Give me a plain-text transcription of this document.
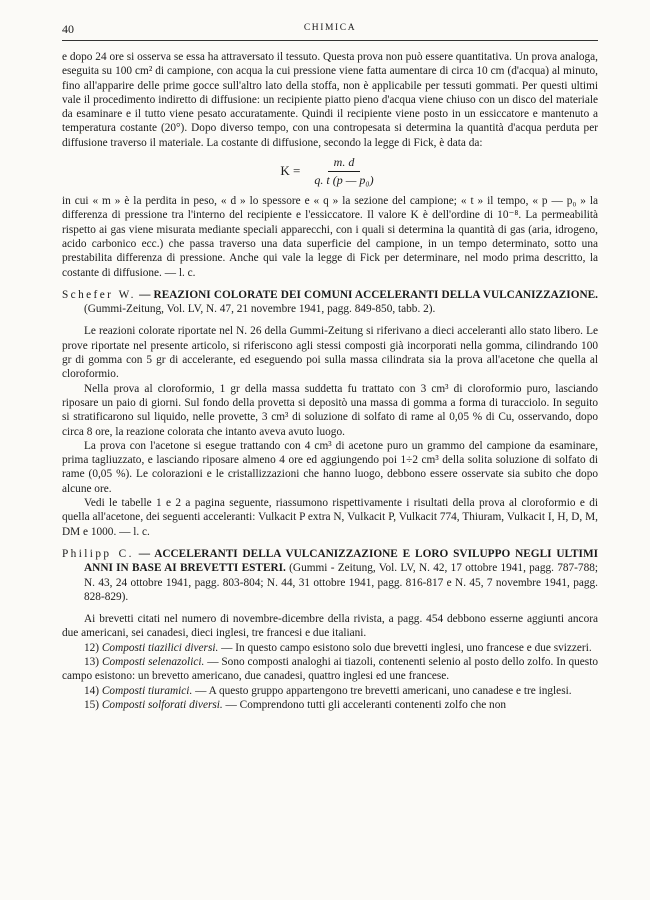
40	CHIMICA

e dopo 24 ore si osserva se essa ha attraversato il tessuto. Questa prova non può essere quantitativa. Un prova analoga, eseguita su 100 cm² di campione, con acqua la cui pressione viene fatta aumentare di circa 10 cm (d'acqua) al minuto, fino all'apparire delle prime gocce sull'altro lato della stoffa, non è applicabile per tessuti gommati. Per questi ultimi vale il procedimento indiretto di diffusione: un recipiente piatto pieno d'acqua viene chiuso con un disco del materiale da esaminare e il tutto viene pesato accuratamente. Quindi il recipiente viene posto in un essiccatore e mantenuto a temperatura costante (20°). Dopo diverso tempo, con una contropesata si determina la quantità d'acqua perduta per diffusione traverso il materiale. La costante di diffusione, secondo la legge di Fick, è data da:

$K = \frac{m. d}{\text{q. t (p — p₀)}}$

in cui « m » è la perdita in peso, « d » lo spessore e « q » la sezione del campione; « t » il tempo, « p — p₀ » la differenza di pressione tra l'interno del recipiente e l'essiccatore. Il valore K è dell'ordine di 10⁻⁸. La permeabilità rispetto ai gas viene misurata mediante speciali apparecchi, con i quali si determina la quantità di gas (aria, idrogeno, acido carbonico ecc.) che passa traverso una data superficie del campione, in un tempo determinato, sotto una prestabilita differenza di pressione. Anche qui vale la legge di Fick per determinare, nel modo prima descritto, la costante di diffusione. — l. c.

Schefer W. — REAZIONI COLORATE DEI COMUNI ACCELERANTI DELLA VULCANIZZAZIONE. (Gummi-Zeitung, Vol. LV, N. 47, 21 novembre 1941, pagg. 849-850, tabb. 2).

Le reazioni colorate riportate nel N. 26 della Gummi-Zeitung si riferivano a dieci acceleranti allo stato libero. Le prove riportate nel presente articolo, si riferiscono agli stessi composti già incorporati nella gomma, cilindrando 100 gr di gomma con 5 gr di accelerante, ed eseguendo poi sulla massa cilindrata sia la prova all'acetone che quella al cloroformio.

Nella prova al cloroformio, 1 gr della massa suddetta fu trattato con 3 cm³ di cloroformio puro, lasciando riposare un paio di giorni. Sul fondo della provetta si depositò una massa di gomma a forma di turacciolo. In seguito si stratificarono sul liquido, nelle provette, 3 cm³ di soluzione di solfato di rame al 0,05 % di Cu, osservando, dopo circa 8 ore, la reazione colorata che intanto aveva avuto luogo.

La prova con l'acetone si esegue trattando con 4 cm³ di acetone puro un grammo del campione da esaminare, prima tagliuzzato, e lasciando riposare almeno 4 ore ed aggiungendo poi 1÷2 cm³ della solita soluzione di solfato di rame (0,05 %). Le colorazioni e le cristallizzazioni che hanno luogo, debbono essere osservate sia subito che dopo alcune ore.

Vedi le tabelle 1 e 2 a pagina seguente, riassumono rispettivamente i risultati della prova al cloroformio e di quella all'acetone, dei seguenti acceleranti: Vulkacit P extra N, Vulkacit P, Vulkacit 774, Thiuram, Vulkacit I, H, D, M, DM e 1000. — l. c.

Philipp C. — ACCELERANTI DELLA VULCANIZZAZIONE E LORO SVILUPPO NEGLI ULTIMI ANNI IN BASE AI BREVETTI ESTERI. (Gummi - Zeitung, Vol. LV, N. 42, 17 ottobre 1941, pagg. 787-788; N. 43, 24 ottobre 1941, pagg. 803-804; N. 44, 31 ottobre 1941, pagg. 816-817 e N. 45, 7 novembre 1941, pagg. 828-829).

Ai brevetti citati nel numero di novembre-dicembre della rivista, a pagg. 454 debbono esserne aggiunti ancora due americani, sei canadesi, dieci inglesi, tre francesi e due italiani.

12) Composti tiazilici diversi. — In questo campo esistono solo due brevetti inglesi, uno francese e due svizzeri.

13) Composti selenazolici. — Sono composti analoghi ai tiazoli, contenenti selenio al posto dello zolfo. In questo campo esistono: un brevetto americano, due canadesi, quattro inglesi ed une francese.

14) Composti tiuramici. — A questo gruppo appartengono tre brevetti americani, uno canadese e tre inglesi.

15) Composti solforati diversi. — Comprendono tutti gli acceleranti contenenti zolfo che non
